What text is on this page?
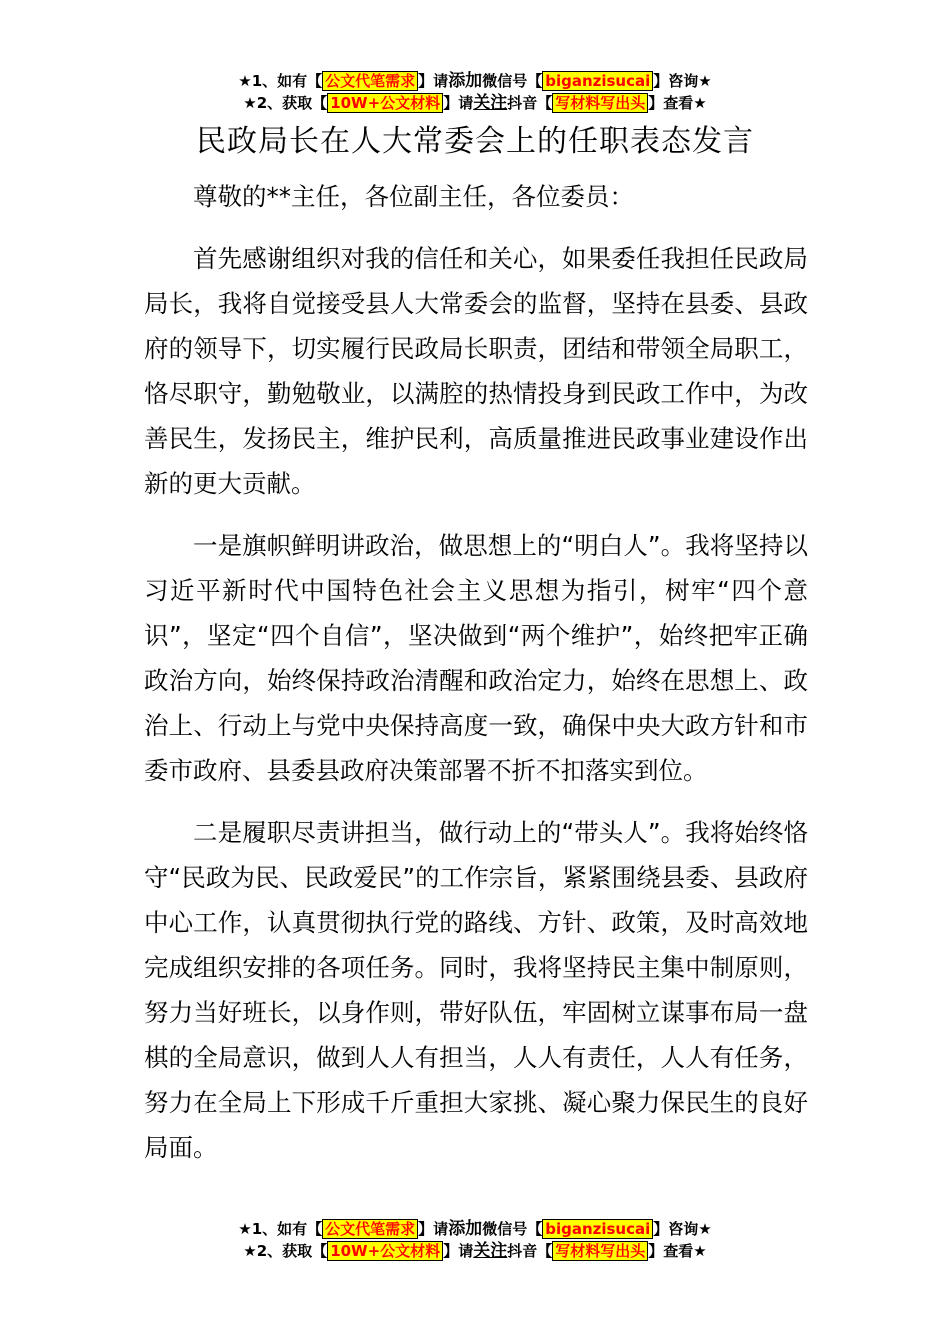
★1、如有【 公文代笔需求 】请添加微信号【 biganzisucai 】咨询★
★2、获取【 10W+公文材料 】请关注抖音【 写材料写出头 】查看★
民政局长在人大常委会上的任职表态发言

尊敬的**主任，各位副主任，各位委员：

首先感谢组织对我的信任和关心，如果委任我担任民政局局长，我将自觉接受县人大常委会的监督，坚持在县委、县政府的领导下，切实履行民政局长职责，团结和带领全局职工，恪尽职守，勤勉敬业，以满腔的热情投身到民政工作中，为改善民生，发扬民主，维护民利，高质量推进民政事业建设作出新的更大贡献。

一是旗帜鲜明讲政治，做思想上的“明白人”。我将坚持以习近平新时代中国特色社会主义思想为指引，树牢“四个意识”，坚定“四个自信”，坚决做到“两个维护”，始终把牢正确政治方向，始终保持政治清醒和政治定力，始终在思想上、政治上、行动上与党中央保持高度一致，确保中央大政方针和市委市政府、县委县政府决策部署不折不扣落实到位。

二是履职尽责讲担当，做行动上的“带头人”。我将始终恪守“民政为民、民政爱民”的工作宗旨，紧紧围绕县委、县政府中心工作，认真贯彻执行党的路线、方针、政策，及时高效地完成组织安排的各项任务。同时，我将坚持民主集中制原则，努力当好班长，以身作则，带好队伍，牢固树立谋事布局一盘棋的全局意识，做到人人有担当，人人有责任，人人有任务，努力在全局上下形成千斤重担大家挑、凝心聚力保民生的良好局面。

★1、如有【 公文代笔需求 】请添加微信号【 biganzisucai 】咨询★
★2、获取【 10W+公文材料 】请关注抖音【 写材料写出头 】查看★
